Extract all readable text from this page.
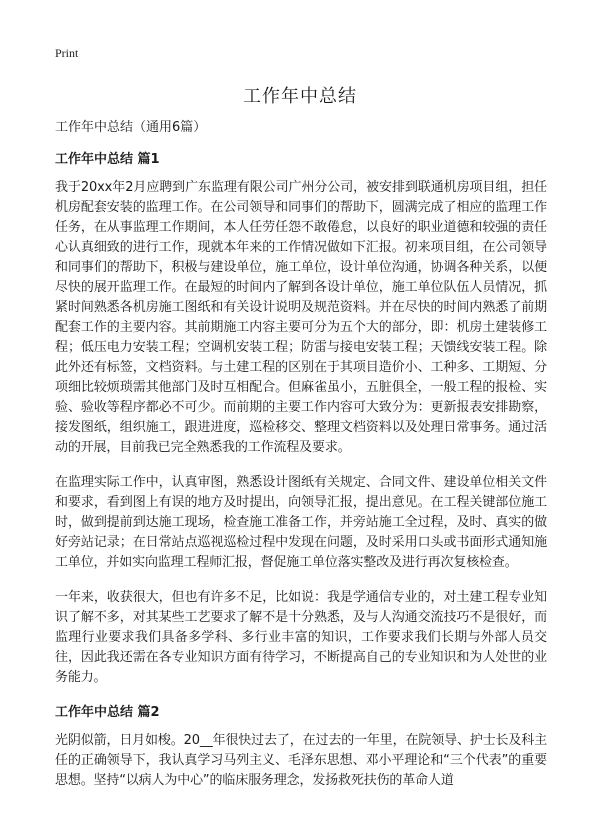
Print
工作年中总结

工作年中总结（通用6篇）

工作年中总结 篇1

我于20xx年2月应聘到广东监理有限公司广州分公司，被安排到联通机房项目组，担任机房配套安装的监理工作。在公司领导和同事们的帮助下，圆满完成了相应的监理工作任务，在从事监理工作期间，本人任劳任怨不敢倦怠，以良好的职业道德和较强的责任心认真细致的进行工作，现就本年来的工作情况做如下汇报。初来项目组，在公司领导和同事们的帮助下，积极与建设单位，施工单位，设计单位沟通，协调各种关系，以便尽快的展开监理工作。在最短的时间内了解到各设计单位，施工单位队伍人员情况，抓紧时间熟悉各机房施工图纸和有关设计说明及规范资料。并在尽快的时间内熟悉了前期配套工作的主要内容。其前期施工内容主要可分为五个大的部分，即：机房土建装修工程；低压电力安装工程；空调机安装工程；防雷与接电安装工程；天馈线安装工程。除此外还有标签，文档资料。与土建工程的区别在于其项目造价小、工种多、工期短、分项细比较烦琐需其他部门及时互相配合。但麻雀虽小，五脏俱全，一般工程的报检、实验、验收等程序都必不可少。而前期的主要工作内容可大致分为：更新报表安排勘察，接发图纸，组织施工，跟进进度，巡检移交、整理文档资料以及处理日常事务。通过活动的开展，目前我已完全熟悉我的工作流程及要求。

在监理实际工作中，认真审图，熟悉设计图纸有关规定、合同文件、建设单位相关文件和要求，看到图上有误的地方及时提出，向领导汇报，提出意见。在工程关键部位施工时，做到提前到达施工现场，检查施工准备工作，并旁站施工全过程，及时、真实的做好旁站记录；在日常站点巡视巡检过程中发现在问题，及时采用口头或书面形式通知施工单位，并如实向监理工程师汇报，督促施工单位落实整改及进行再次复核检查。

一年来，收获很大，但也有许多不足，比如说：我是学通信专业的，对土建工程专业知识了解不多，对其某些工艺要求了解不是十分熟悉，及与人沟通交流技巧不是很好，而监理行业要求我们具备多学科、多行业丰富的知识，工作要求我们长期与外部人员交往，因此我还需在各专业知识方面有待学习，不断提高自己的专业知识和为人处世的业务能力。

工作年中总结 篇2

光阴似箭，日月如梭。20__年很快过去了，在过去的一年里，在院领导、护士长及科主任的正确领导下，我认真学习马列主义、毛泽东思想、邓小平理论和“三个代表”的重要思想。坚持“以病人为中心”的临床服务理念，发扬救死扶伤的革命人道
